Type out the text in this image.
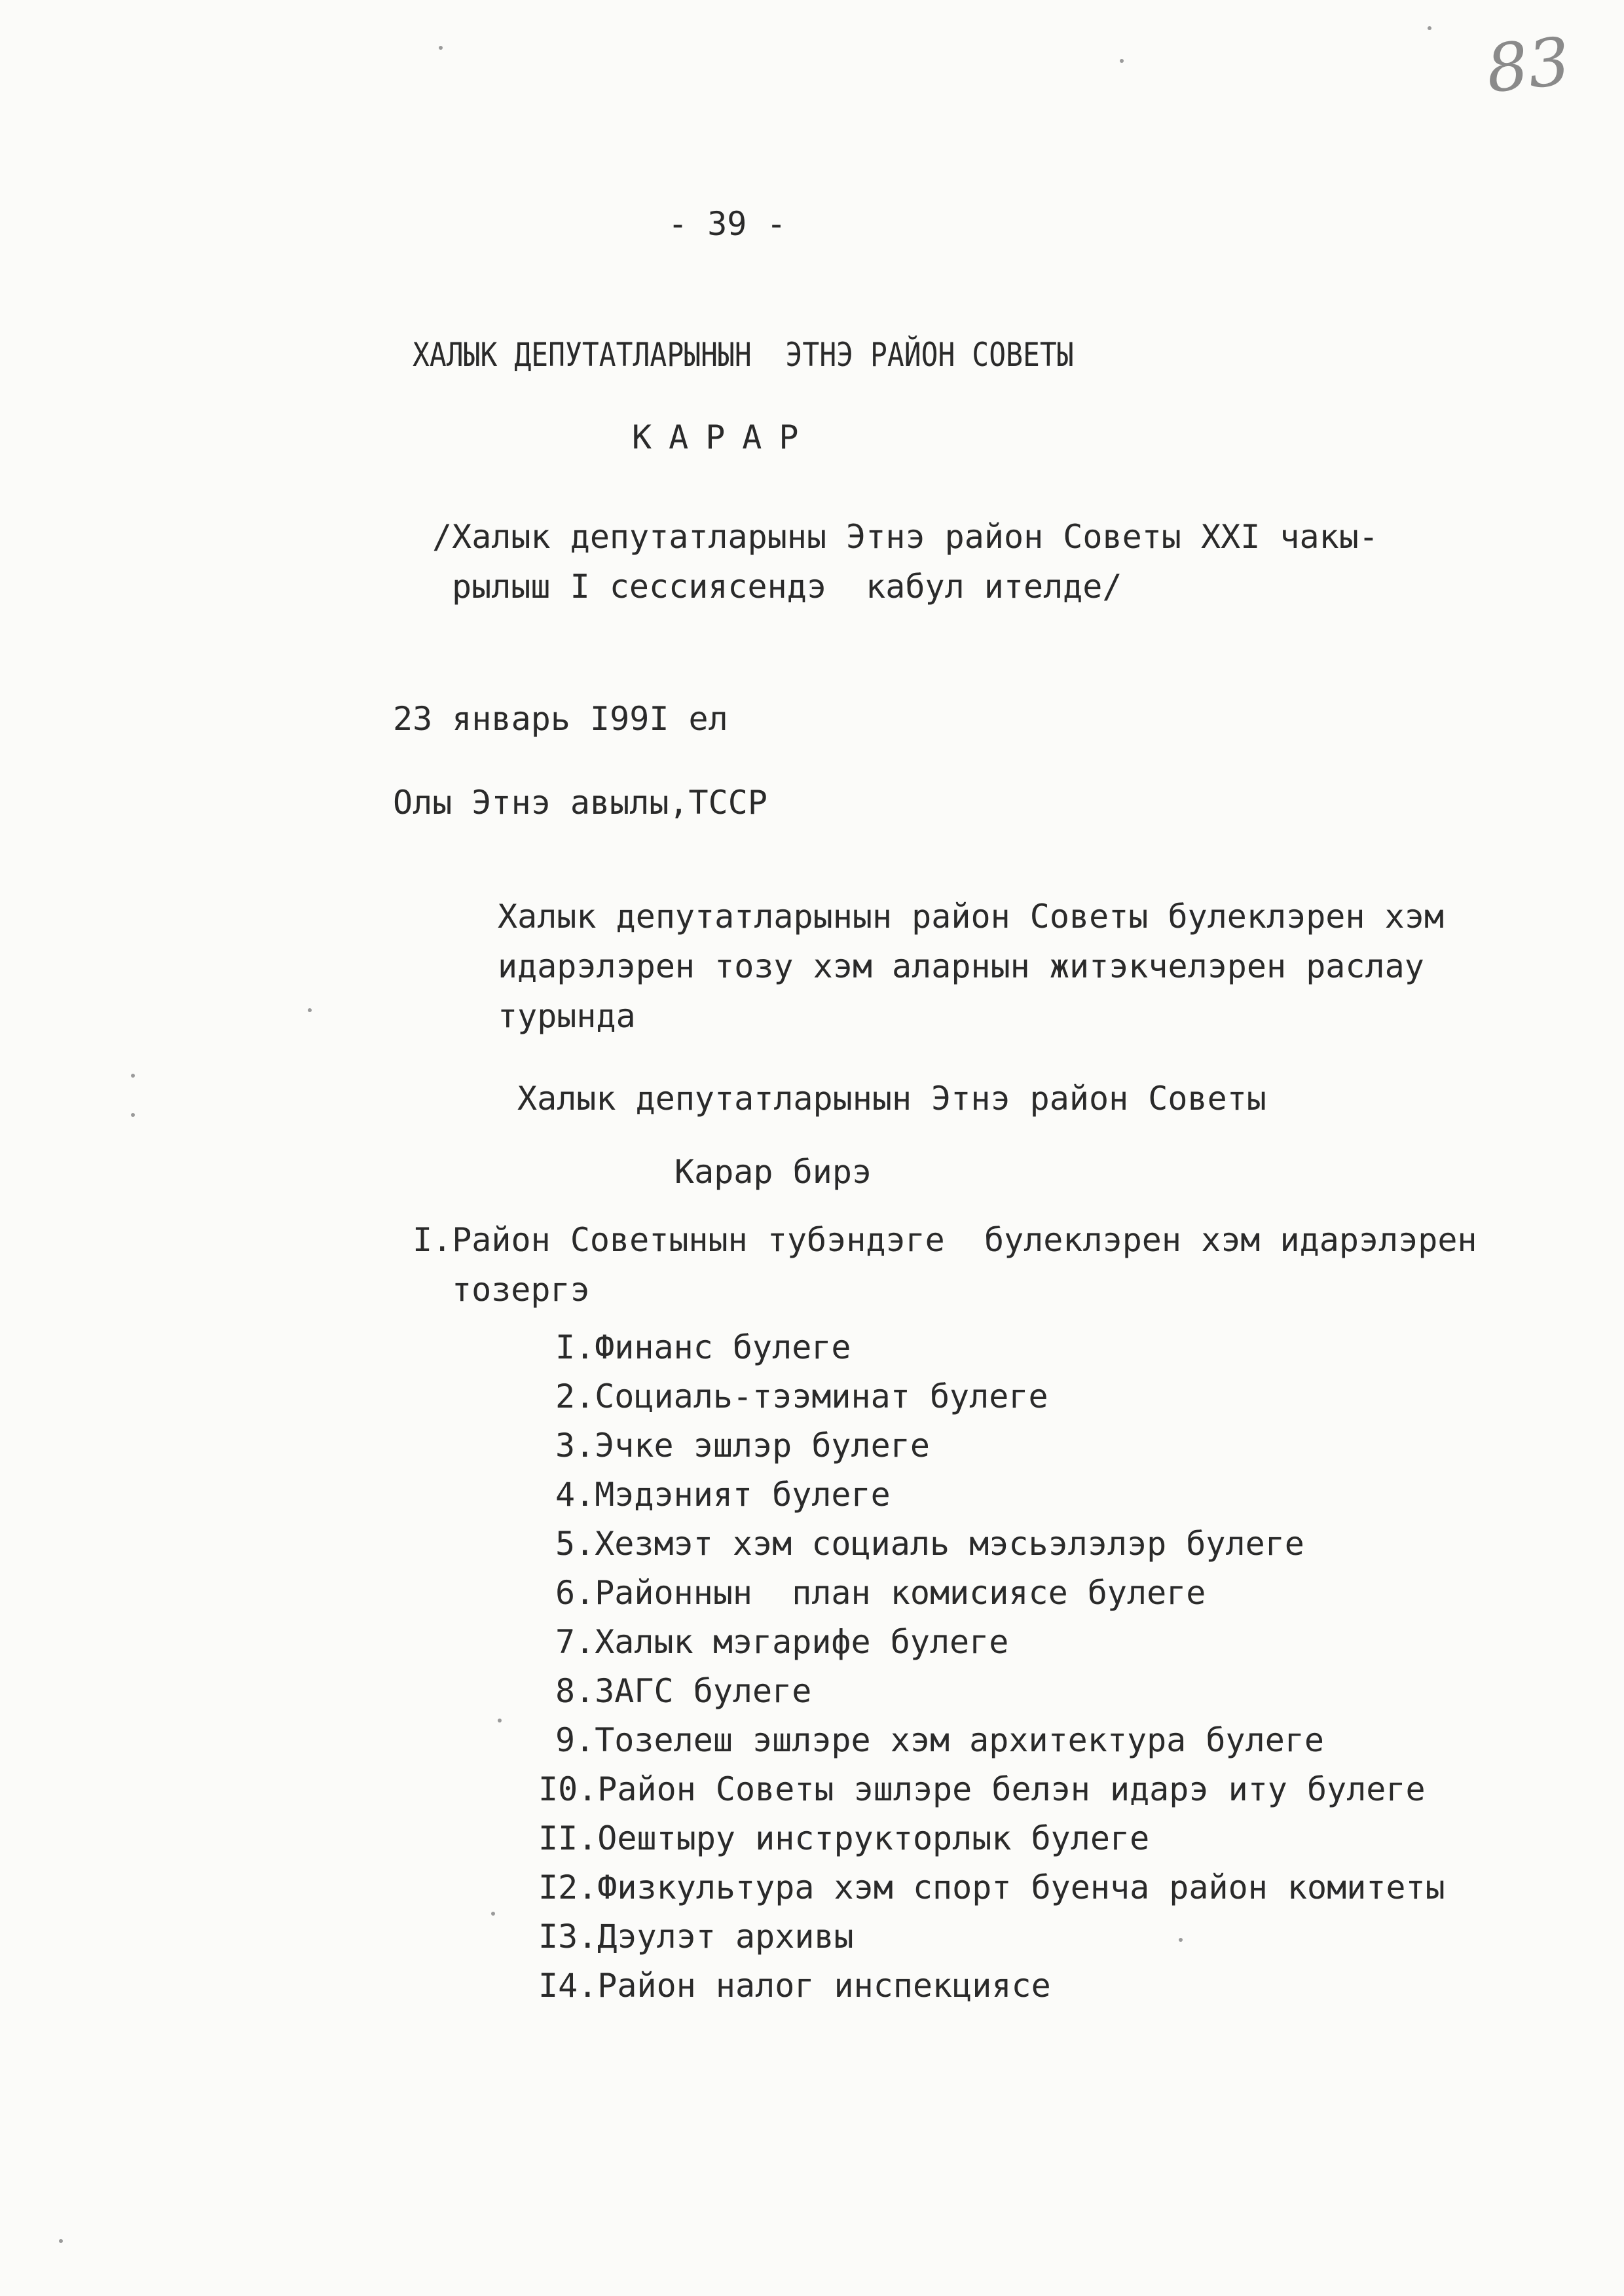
83
- 39 -
ХАЛЫК ДЕПУТАТЛАРЫНЫН  ЭТНЭ РАЙОН СОВЕТЫ
КАРАР
/Халык депутатларыны Этнэ район Советы XXI чакы-
рылыш I сессиясендэ  кабул ителде/
23 январь I99I ел
Олы Этнэ авылы,ТССР
Халык депутатларынын район Советы булеклэрен хэм
идарэлэрен тозу хэм аларнын житэкчелэрен раслау
турында
Халык депутатларынын Этнэ район Советы
Карар бирэ
I.Район Советынын тубэндэге  булеклэрен хэм идарэлэрен
тозергэ
I.Финанс булеге
2.Социаль-тээминат булеге
3.Эчке эшлэр булеге
4.Мэдэният булеге
5.Хезмэт хэм социаль мэсьэлэлэр булеге
6.Районнын  план комисиясе булеге
7.Халык мэгарифе булеге
8.ЗАГС булеге
9.Тозелеш эшлэре хэм архитектура булеге
I0.Район Советы эшлэре белэн идарэ иту булеге
II.Оештыру инструкторлык булеге
I2.Физкультура хэм спорт буенча район комитеты
I3.Дэулэт архивы
I4.Район налог инспекциясе
